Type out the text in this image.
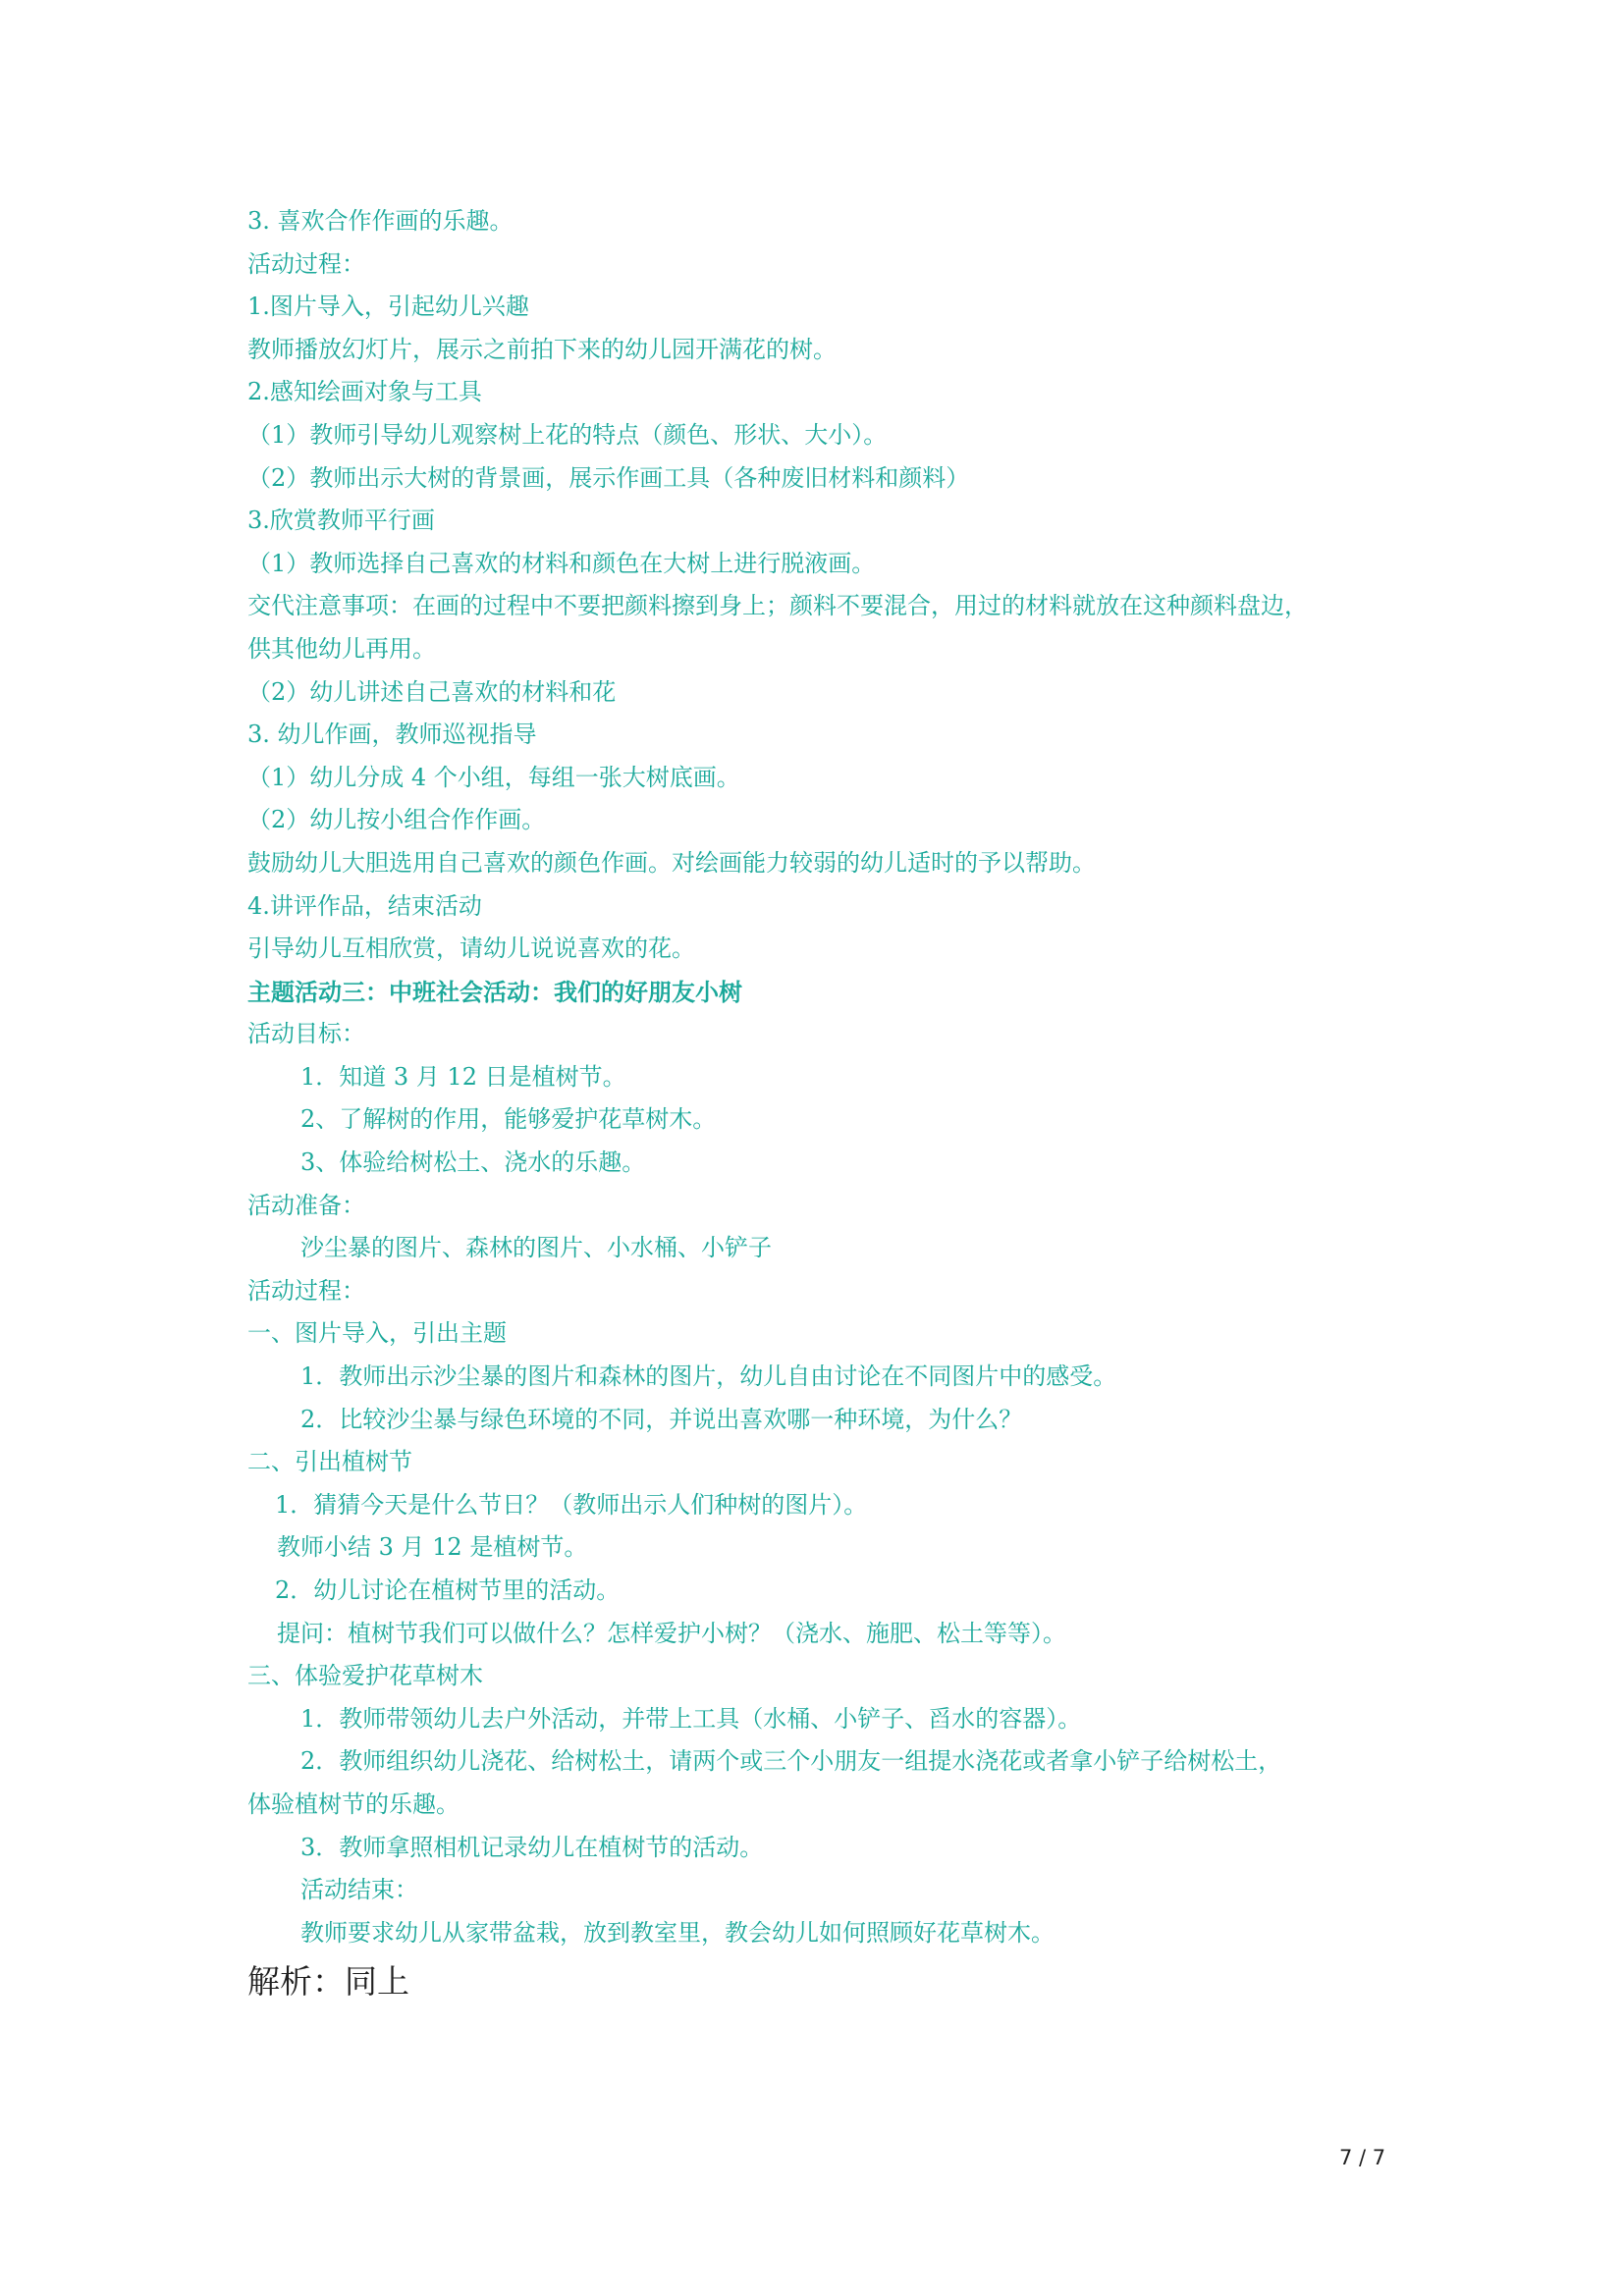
3. 喜欢合作作画的乐趣。
活动过程：
1.图片导入，引起幼儿兴趣
教师播放幻灯片，展示之前拍下来的幼儿园开满花的树。
2.感知绘画对象与工具
（1）教师引导幼儿观察树上花的特点（颜色、形状、大小）。
（2）教师出示大树的背景画，展示作画工具（各种废旧材料和颜料）
3.欣赏教师平行画
（1）教师选择自己喜欢的材料和颜色在大树上进行脱液画。
交代注意事项：在画的过程中不要把颜料擦到身上；颜料不要混合，用过的材料就放在这种颜料盘边，
供其他幼儿再用。
（2）幼儿讲述自己喜欢的材料和花
3. 幼儿作画，教师巡视指导
（1）幼儿分成 4 个小组，每组一张大树底画。
（2）幼儿按小组合作作画。
鼓励幼儿大胆选用自己喜欢的颜色作画。对绘画能力较弱的幼儿适时的予以帮助。
4.讲评作品，结束活动
引导幼儿互相欣赏，请幼儿说说喜欢的花。
主题活动三：中班社会活动：我们的好朋友小树
活动目标：
1．知道 3 月 12 日是植树节。
2、了解树的作用，能够爱护花草树木。
3、体验给树松土、浇水的乐趣。
活动准备：
沙尘暴的图片、森林的图片、小水桶、小铲子
活动过程：
一、图片导入，引出主题
1．教师出示沙尘暴的图片和森林的图片，幼儿自由讨论在不同图片中的感受。
2．比较沙尘暴与绿色环境的不同，并说出喜欢哪一种环境，为什么？
二、引出植树节
1．猜猜今天是什么节日？（教师出示人们种树的图片）。
教师小结 3 月 12 是植树节。
2．幼儿讨论在植树节里的活动。
提问：植树节我们可以做什么？怎样爱护小树？（浇水、施肥、松土等等）。
三、体验爱护花草树木
1．教师带领幼儿去户外活动，并带上工具（水桶、小铲子、舀水的容器）。
2．教师组织幼儿浇花、给树松土，请两个或三个小朋友一组提水浇花或者拿小铲子给树松土，
体验植树节的乐趣。
3．教师拿照相机记录幼儿在植树节的活动。
活动结束：
教师要求幼儿从家带盆栽，放到教室里，教会幼儿如何照顾好花草树木。
解析：同上
7 / 7
